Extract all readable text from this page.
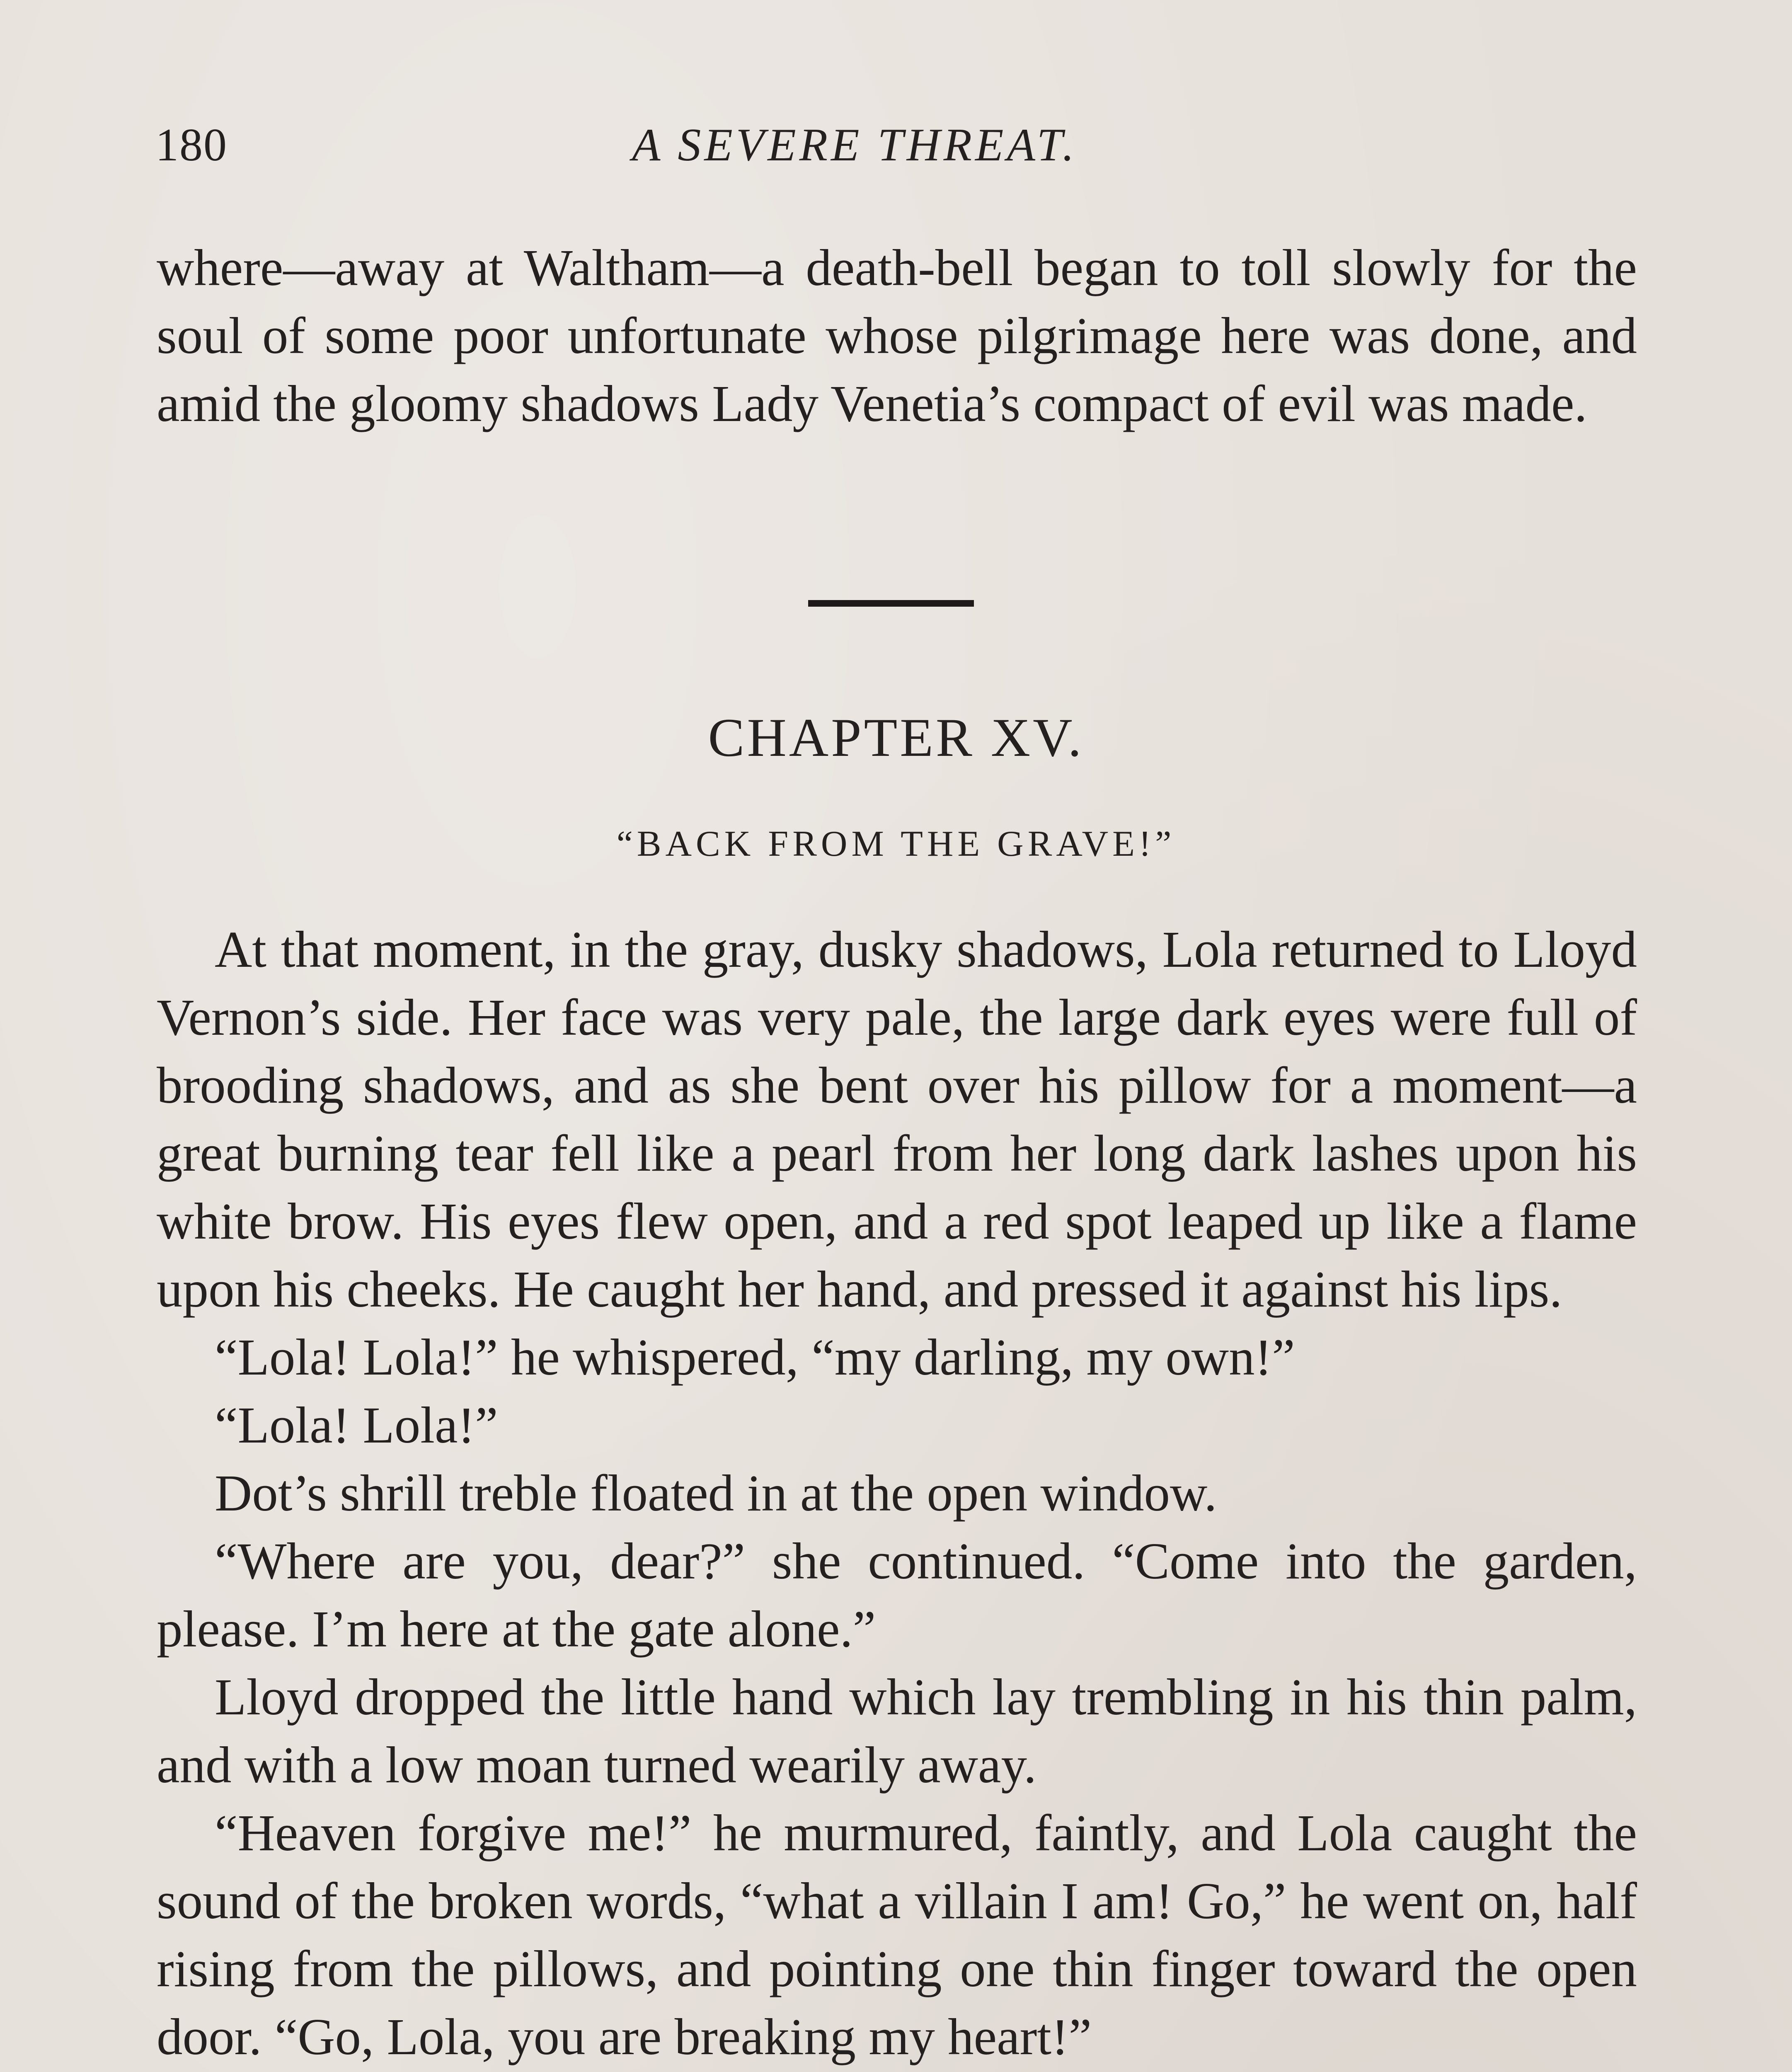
180	A SEVERE THREAT.

where—away at Waltham—a death-bell began to toll slowly for the soul of some poor unfortunate whose pilgrimage here was done, and amid the gloomy shadows Lady Venetia’s compact of evil was made.

CHAPTER XV.
“BACK FROM THE GRAVE!”

At that moment, in the gray, dusky shadows, Lola returned to Lloyd Vernon’s side. Her face was very pale, the large dark eyes were full of brooding shadows, and as she bent over his pillow for a moment—a great burning tear fell like a pearl from her long dark lashes upon his white brow. His eyes flew open, and a red spot leaped up like a flame upon his cheeks. He caught her hand, and pressed it against his lips.

“Lola! Lola!” he whispered, “my darling, my own!”

“Lola! Lola!”

Dot’s shrill treble floated in at the open window.

“Where are you, dear?” she continued. “Come into the garden, please. I’m here at the gate alone.”

Lloyd dropped the little hand which lay trembling in his thin palm, and with a low moan turned wearily away.

“Heaven forgive me!” he murmured, faintly, and Lola caught the sound of the broken words, “what a villain I am! Go,” he went on, half rising from the pillows, and pointing one thin finger toward the open door. “Go, Lola, you are breaking my heart!”
